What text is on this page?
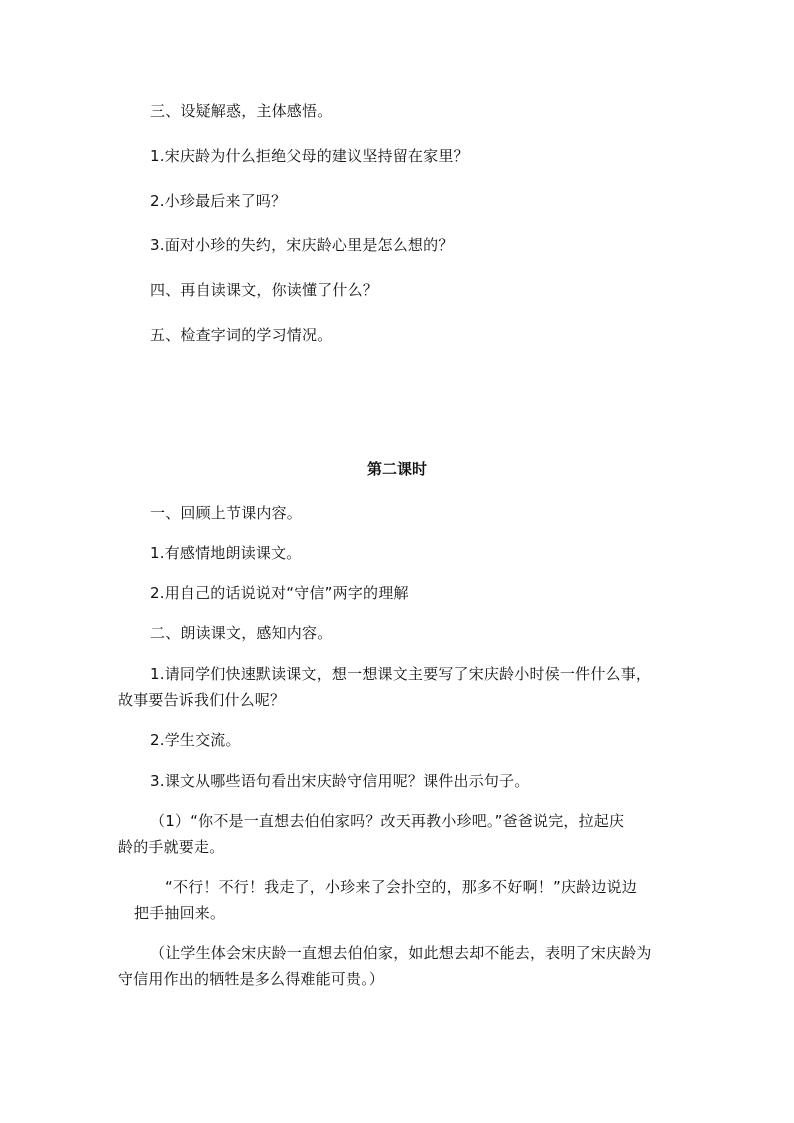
三、设疑解惑，主体感悟。
1.宋庆龄为什么拒绝父母的建议坚持留在家里？
2.小珍最后来了吗？
3.面对小珍的失约，宋庆龄心里是怎么想的？
四、再自读课文，你读懂了什么？
五、检查字词的学习情况。
第二课时
一、回顾上节课内容。
1.有感情地朗读课文。
2.用自己的话说说对“守信”两字的理解
二、朗读课文，感知内容。
1.请同学们快速默读课文，想一想课文主要写了宋庆龄小时侯一件什么事，
故事要告诉我们什么呢？
2.学生交流。
3.课文从哪些语句看出宋庆龄守信用呢？课件出示句子。
（1）“你不是一直想去伯伯家吗？改天再教小珍吧。”爸爸说完，拉起庆
龄的手就要走。
“不行！不行！我走了，小珍来了会扑空的，那多不好啊！”庆龄边说边
把手抽回来。
（让学生体会宋庆龄一直想去伯伯家，如此想去却不能去，表明了宋庆龄为
守信用作出的牺牲是多么得难能可贵。）
